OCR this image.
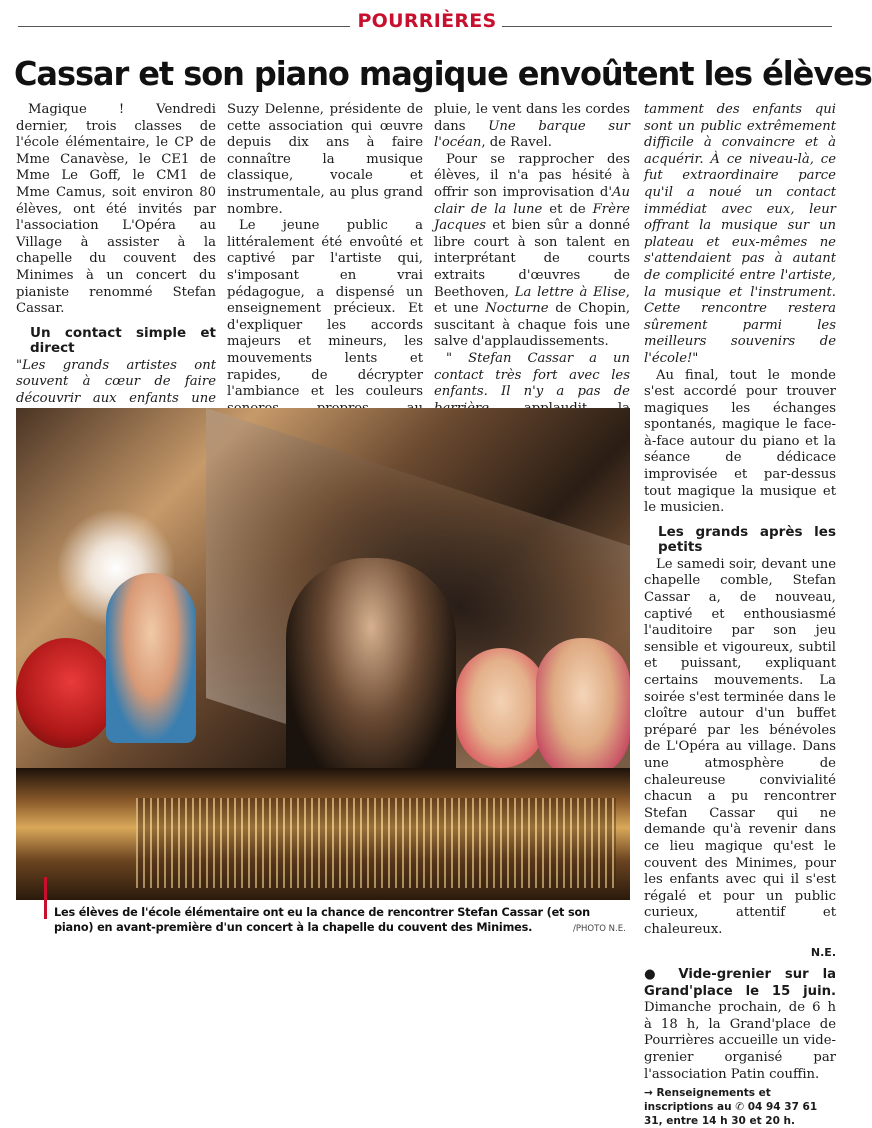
POURRIÈRES
Cassar et son piano magique envoûtent les élèves

Magique ! Vendredi dernier, trois classes de l'école élémentaire, le CP de Mme Canavèse, le CE1 de Mme Le Goff, le CM1 de Mme Camus, soit environ 80 élèves, ont été invités par l'association L'Opéra au Village à assister à la chapelle du couvent des Minimes à un concert du pianiste renommé Stefan Cassar.

Un contact simple et direct

"Les grands artistes ont souvent à cœur de faire découvrir aux enfants une

Suzy Delenne, présidente de cette association qui œuvre depuis dix ans à faire connaître la musique classique, vocale et instrumentale, au plus grand nombre.

Le jeune public a littéralement été envoûté et captivé par l'artiste qui, s'imposant en vrai pédagogue, a dispensé un enseignement précieux. Et d'expliquer les accords majeurs et mineurs, les mouvements lents et rapides, de décrypter l'ambiance et les couleurs

pluie, le vent dans les cordes dans Une barque sur l'océan, de Ravel.

Pour se rapprocher des élèves, il n'a pas hésité à offrir son improvisation d'Au clair de la lune et de Frère Jacques et bien sûr a donné libre court à son talent en interprétant de courts extraits d'œuvres de Beethoven, La lettre à Elise, et une Nocturne de Chopin, suscitant à chaque fois une salve d'applaudissements.

" Stefan Cassar a un contact très fort avec les enfants. Il n'y a pas de

tamment des enfants qui sont un public extrêmement difficile à convaincre et à acquérir. À ce niveau-là, ce fut extraordinaire parce qu'il a noué un contact immédiat avec eux, leur offrant la musique sur un plateau et eux-mêmes ne s'attendaient pas à autant de complicité entre l'artiste, la musique et l'instrument. Cette rencontre restera sûrement parmi les meilleurs souvenirs de l'école!"

Au final, tout le monde s'est accordé pour trouver magiques les échanges spontanés, magique le face-à-face autour du piano et la séance de dédicace improvisée et par-dessus tout magique la musique et le musicien.

Les grands après les petits

Le samedi soir, devant une chapelle comble, Stefan Cassar a, de nouveau, captivé et enthousiasmé l'auditoire par son jeu sensible et vigoureux, subtil et puissant, expliquant certains mouvements. La soirée s'est terminée dans le cloître autour d'un buffet préparé par les bénévoles de L'Opéra au village. Dans une atmosphère de chaleureuse convivialité chacun a pu rencontrer Stefan Cassar qui ne demande qu'à revenir dans ce lieu magique qu'est le couvent des Minimes, pour les enfants avec qui il s'est régalé et pour un public curieux, attentif et chaleureux.

N.E.

● Vide-grenier sur la Grand'place le 15 juin. Dimanche prochain, de 6 h à 18 h, la Grand'place de Pourrières accueille un vide-grenier organisé par l'association Patin couffin.

→ Renseignements et inscriptions au ✆ 04 94 37 61 31, entre 14 h 30 et 20 h.
Les élèves de l'école élémentaire ont eu la chance de rencontrer Stefan Cassar (et son piano) en avant-première d'un concert à la chapelle du couvent des Minimes.	/PHOTO N.E.
